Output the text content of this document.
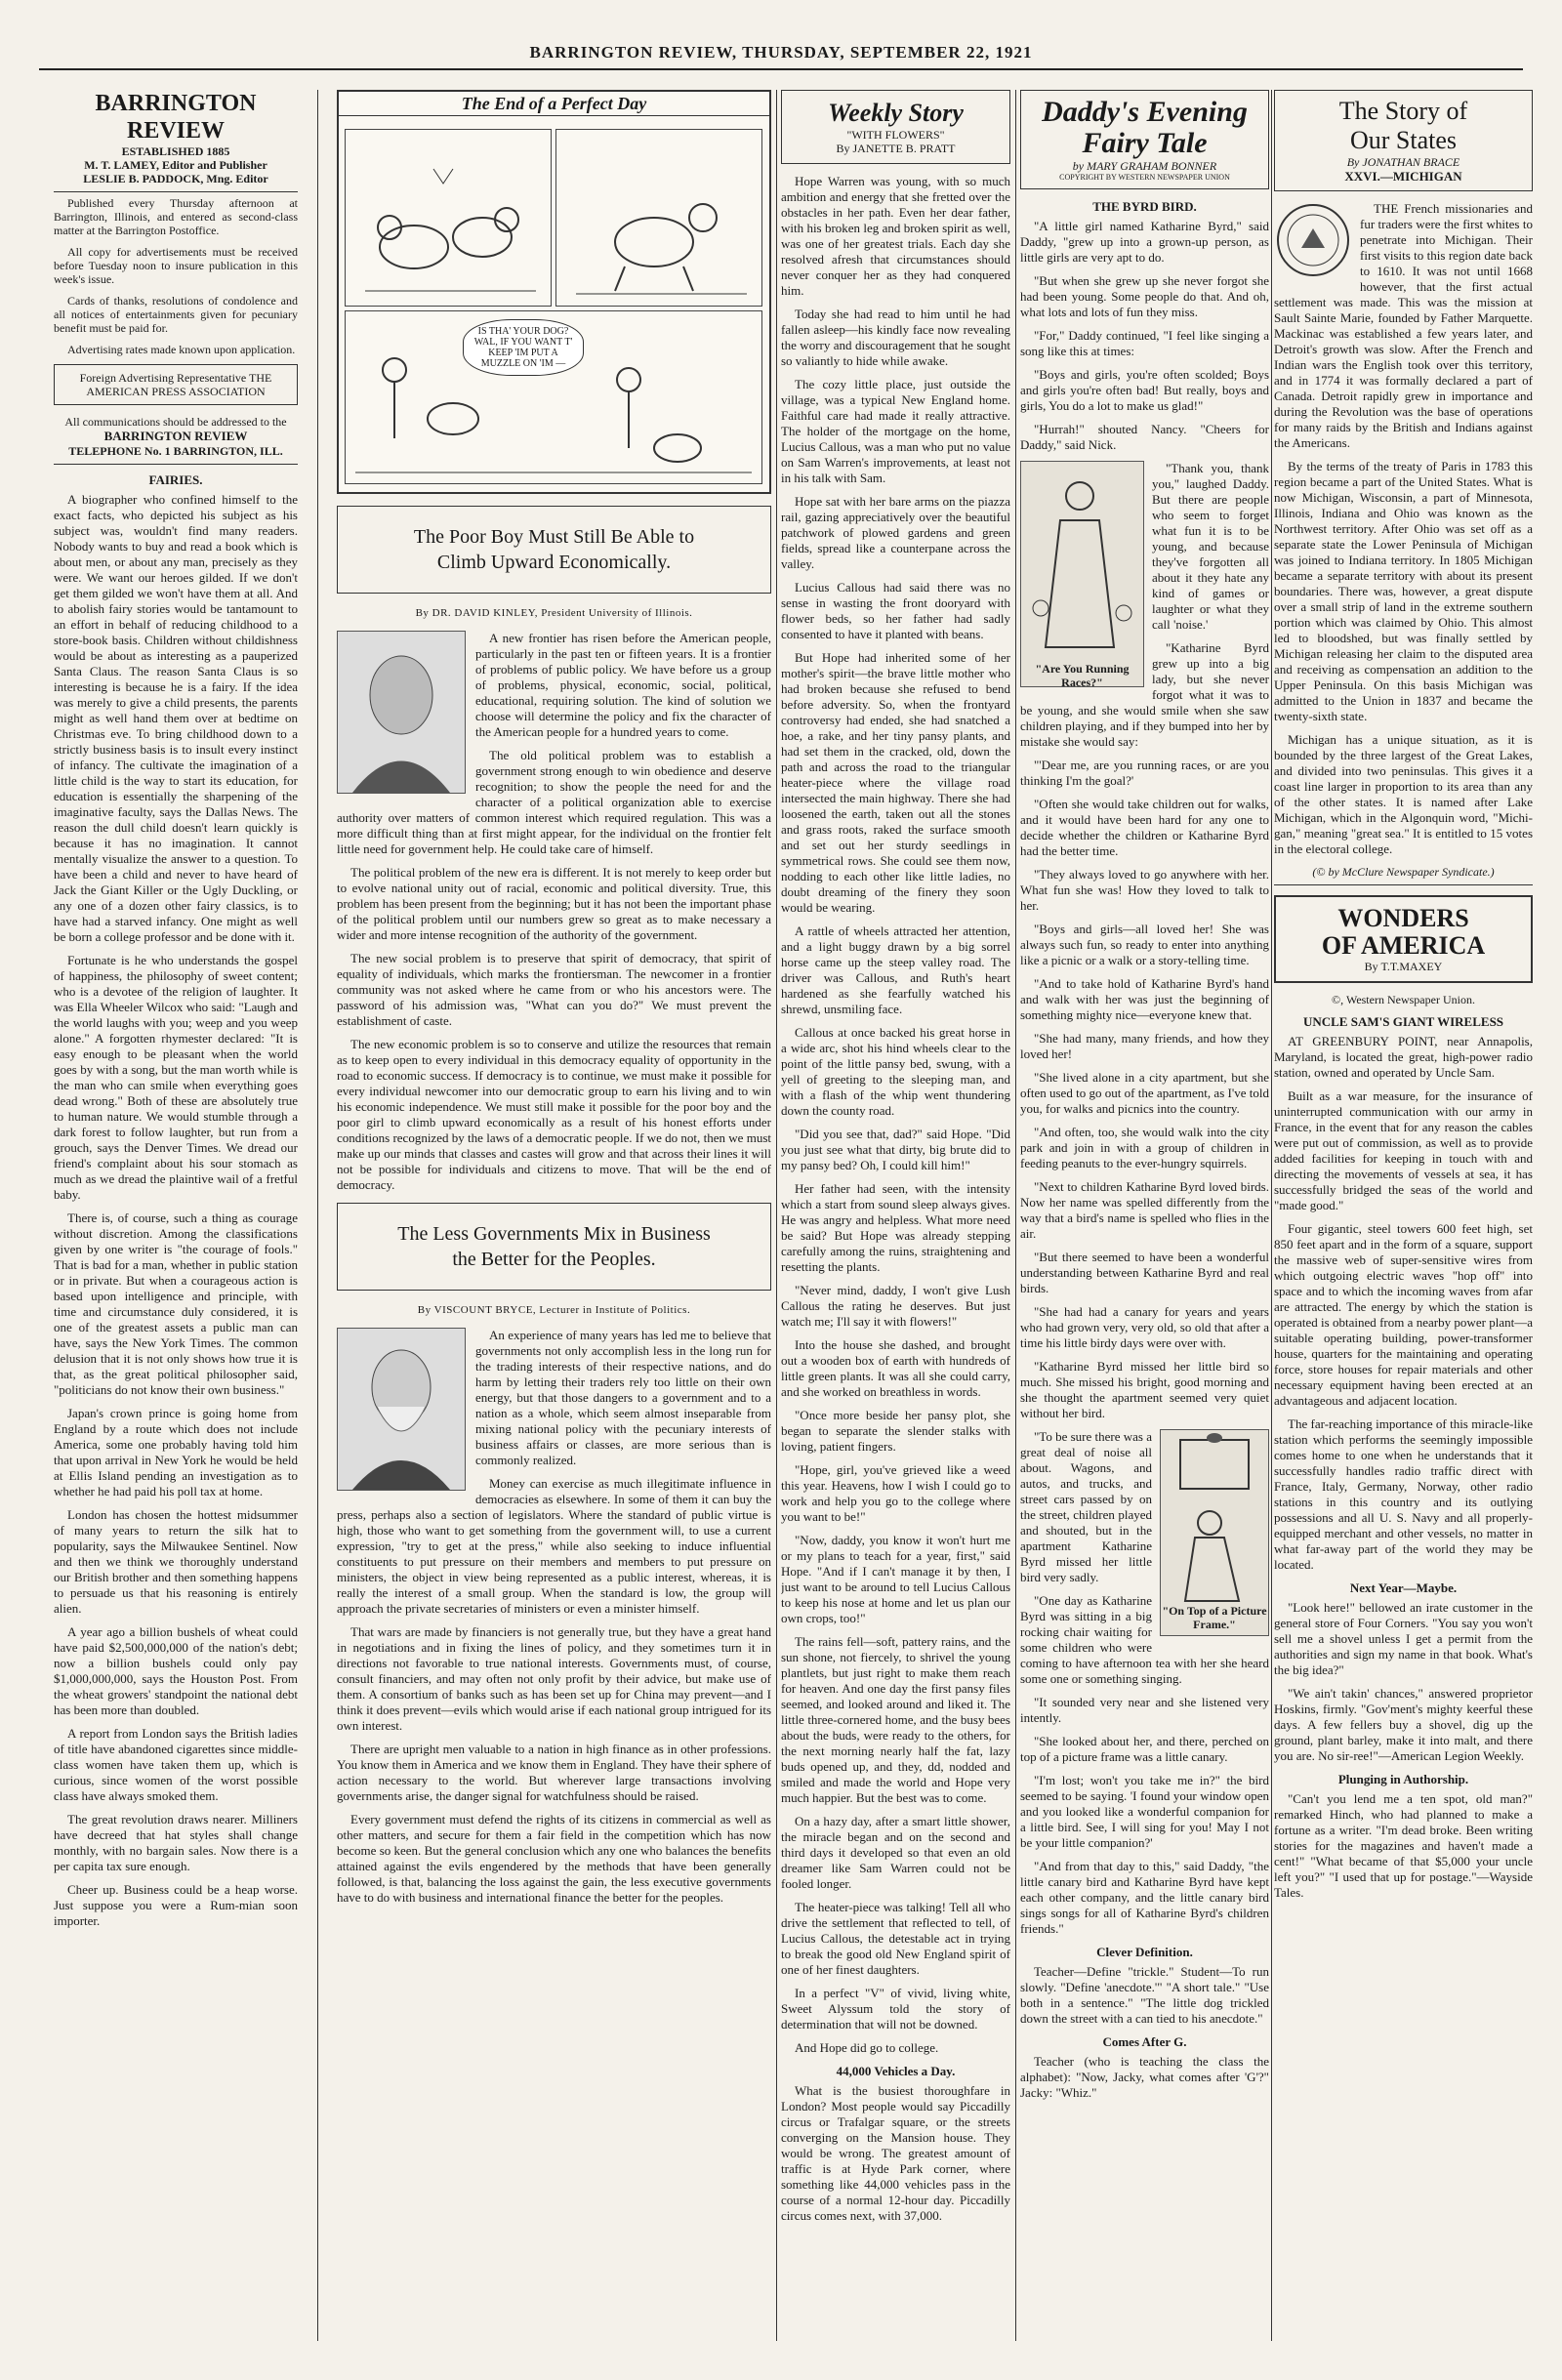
BARRINGTON REVIEW, THURSDAY, SEPTEMBER 22, 1921
BARRINGTON REVIEW
ESTABLISHED 1885
M. T. LAMEY, Editor and Publisher
LESLIE B. PADDOCK, Mng. Editor

Published every Thursday afternoon at Barrington, Illinois, and entered as second-class matter at the Barrington Postoffice.

All copy for advertisements must be received before Tuesday noon to insure publication in this week's issue.

Cards of thanks, resolutions of condolence and all notices of entertainments given for pecuniary benefit must be paid for.

Advertising rates made known upon application.

Foreign Advertising Representative THE AMERICAN PRESS ASSOCIATION
All communications should be addressed to the
BARRINGTON REVIEW
TELEPHONE No. 1 BARRINGTON, ILL.
FAIRIES.

A biographer who confined himself to the exact facts, who depicted his subject as his subject was, wouldn't find many readers. Nobody wants to buy and read a book which is about men, or about any man, precisely as they were. We want our heroes gilded. If we don't get them gilded we won't have them at all. And to abolish fairy stories would be tantamount to an effort in behalf of reducing childhood to a store-book basis. Children without childishness would be about as interesting as a pauperized Santa Claus. The reason Santa Claus is so interesting is because he is a fairy. If the idea was merely to give a child presents, the parents might as well hand them over at bedtime on Christmas eve. To bring childhood down to a strictly business basis is to insult every instinct of infancy. The cultivate the imagination of a little child is the way to start its education, for education is essentially the sharpening of the imaginative faculty, says the Dallas News. The reason the dull child doesn't learn quickly is because it has no imagination. It cannot mentally visualize the answer to a question. To have been a child and never to have heard of Jack the Giant Killer or the Ugly Duckling, or any one of a dozen other fairy classics, is to have had a starved infancy. One might as well be born a college professor and be done with it.

Fortunate is he who understands the gospel of happiness, the philosophy of sweet content; who is a devotee of the religion of laughter. It was Ella Wheeler Wilcox who said: "Laugh and the world laughs with you; weep and you weep alone." A forgotten rhymester declared: "It is easy enough to be pleasant when the world goes by with a song, but the man worth while is the man who can smile when everything goes dead wrong." Both of these are absolutely true to human nature. We would stumble through a dark forest to follow laughter, but run from a grouch, says the Denver Times. We dread our friend's complaint about his sour stomach as much as we dread the plaintive wail of a fretful baby.

There is, of course, such a thing as courage without discretion. Among the classifications given by one writer is "the courage of fools." That is bad for a man, whether in public station or in private. But when a courageous action is based upon intelligence and principle, with time and circumstance duly considered, it is one of the greatest assets a public man can have, says the New York Times. The common delusion that it is not only shows how true it is that, as the great political philosopher said, "politicians do not know their own business."

Japan's crown prince is going home from England by a route which does not include America, some one probably having told him that upon arrival in New York he would be held at Ellis Island pending an investigation as to whether he had paid his poll tax at home.

London has chosen the hottest midsummer of many years to return the silk hat to popularity, says the Milwaukee Sentinel. Now and then we think we thoroughly understand our British brother and then something happens to persuade us that his reasoning is entirely alien.

A year ago a billion bushels of wheat could have paid $2,500,000,000 of the nation's debt; now a billion bushels could only pay $1,000,000,000, says the Houston Post. From the wheat growers' standpoint the national debt has been more than doubled.

A report from London says the British ladies of title have abandoned cigarettes since middle-class women have taken them up, which is curious, since women of the worst possible class have always smoked them.

The great revolution draws nearer. Milliners have decreed that hat styles shall change monthly, with no bargain sales. Now there is a per capita tax sure enough.

Cheer up. Business could be a heap worse. Just suppose you were a Rum-mian soon importer.

The End of a Perfect Day
IS THA' YOUR DOG? WAL, IF YOU WANT T' KEEP 'IM PUT A MUZZLE ON 'IM —
The Poor Boy Must Still Be Able to
Climb Upward Economically.
By DR. DAVID KINLEY, President University of Illinois.

A new frontier has risen before the American people, particularly in the past ten or fifteen years. It is a frontier of problems of public policy. We have before us a group of problems, physical, economic, social, political, educational, requiring solution. The kind of solution we choose will determine the policy and fix the character of the American people for a hundred years to come.

The old political problem was to establish a government strong enough to win obedience and deserve recognition; to show the people the need for and the character of a political organization able to exercise authority over matters of common interest which required regulation. This was a more difficult thing than at first might appear, for the individual on the frontier felt little need for government help. He could take care of himself.

The political problem of the new era is different. It is not merely to keep order but to evolve national unity out of racial, economic and political diversity. True, this problem has been present from the beginning; but it has not been the important phase of the political problem until our numbers grew so great as to make necessary a wider and more intense recognition of the authority of the government.

The new social problem is to preserve that spirit of democracy, that spirit of equality of individuals, which marks the frontiersman. The newcomer in a frontier community was not asked where he came from or who his ancestors were. The password of his admission was, "What can you do?" We must prevent the establishment of caste.

The new economic problem is so to conserve and utilize the resources that remain as to keep open to every individual in this democracy equality of opportunity in the road to economic success. If democracy is to continue, we must make it possible for every individual newcomer into our democratic group to earn his living and to win his economic independence. We must still make it possible for the poor boy and the poor girl to climb upward economically as a result of his honest efforts under conditions recognized by the laws of a democratic people. If we do not, then we must make up our minds that classes and castes will grow and that across their lines it will not be possible for individuals and citizens to move. That will be the end of democracy.

The Less Governments Mix in Business
the Better for the Peoples.
By VISCOUNT BRYCE, Lecturer in Institute of Politics.

An experience of many years has led me to believe that governments not only accomplish less in the long run for the trading interests of their respective nations, and do harm by letting their traders rely too little on their own energy, but that those dangers to a government and to a nation as a whole, which seem almost inseparable from mixing national policy with the pecuniary interests of business affairs or classes, are more serious than is commonly realized.

Money can exercise as much illegitimate influence in democracies as elsewhere. In some of them it can buy the press, perhaps also a section of legislators. Where the standard of public virtue is high, those who want to get something from the government will, to use a current expression, "try to get at the press," while also seeking to induce influential constituents to put pressure on their members and members to put pressure on ministers, the object in view being represented as a public interest, whereas, it is really the interest of a small group. When the standard is low, the group will approach the private secretaries of ministers or even a minister himself.

That wars are made by financiers is not generally true, but they have a great hand in negotiations and in fixing the lines of policy, and they sometimes turn it in directions not favorable to true national interests. Governments must, of course, consult financiers, and may often not only profit by their advice, but make use of them. A consortium of banks such as has been set up for China may prevent—and I think it does prevent—evils which would arise if each national group intrigued for its own interest.

There are upright men valuable to a nation in high finance as in other professions. You know them in America and we know them in England. They have their sphere of action necessary to the world. But wherever large transactions involving governments arise, the danger signal for watchfulness should be raised.

Every government must defend the rights of its citizens in commercial as well as other matters, and secure for them a fair field in the competition which has now become so keen. But the general conclusion which any one who balances the benefits attained against the evils engendered by the methods that have been generally followed, is that, balancing the loss against the gain, the less executive governments have to do with business and international finance the better for the peoples.

Weekly Story
"WITH FLOWERS"
By JANETTE B. PRATT

Hope Warren was young, with so much ambition and energy that she fretted over the obstacles in her path. Even her dear father, with his broken leg and broken spirit as well, was one of her greatest trials. Each day she resolved afresh that circumstances should never conquer her as they had conquered him.

Today she had read to him until he had fallen asleep—his kindly face now revealing the worry and discouragement that he sought so valiantly to hide while awake.

The cozy little place, just outside the village, was a typical New England home. Faithful care had made it really attractive. The holder of the mortgage on the home, Lucius Callous, was a man who put no value on Sam Warren's improvements, at least not in his talk with Sam.

Hope sat with her bare arms on the piazza rail, gazing appreciatively over the beautiful patchwork of plowed gardens and green fields, spread like a counterpane across the valley.

Lucius Callous had said there was no sense in wasting the front dooryard with flower beds, so her father had sadly consented to have it planted with beans.

But Hope had inherited some of her mother's spirit—the brave little mother who had broken because she refused to bend before adversity. So, when the frontyard controversy had ended, she had snatched a hoe, a rake, and her tiny pansy plants, and had set them in the cracked, old, down the path and across the road to the triangular heater-piece where the village road intersected the main highway. There she had loosened the earth, taken out all the stones and grass roots, raked the surface smooth and set out her sturdy seedlings in symmetrical rows. She could see them now, nodding to each other like little ladies, no doubt dreaming of the finery they soon would be wearing.

A rattle of wheels attracted her attention, and a light buggy drawn by a big sorrel horse came up the steep valley road. The driver was Callous, and Ruth's heart hardened as she fearfully watched his shrewd, unsmiling face.

Callous at once backed his great horse in a wide arc, shot his hind wheels clear to the point of the little pansy bed, swung, with a yell of greeting to the sleeping man, and with a flash of the whip went thundering down the county road.

"Did you see that, dad?" said Hope. "Did you just see what that dirty, big brute did to my pansy bed? Oh, I could kill him!"

Her father had seen, with the intensity which a start from sound sleep always gives. He was angry and helpless. What more need be said? But Hope was already stepping carefully among the ruins, straightening and resetting the plants.

"Never mind, daddy, I won't give Lush Callous the rating he deserves. But just watch me; I'll say it with flowers!"

Into the house she dashed, and brought out a wooden box of earth with hundreds of little green plants. It was all she could carry, and she worked on breathless in words.

"Once more beside her pansy plot, she began to separate the slender stalks with loving, patient fingers.

"Hope, girl, you've grieved like a weed this year. Heavens, how I wish I could go to work and help you go to the college where you want to be!"

"Now, daddy, you know it won't hurt me or my plans to teach for a year, first," said Hope. "And if I can't manage it by then, I just want to be around to tell Lucius Callous to keep his nose at home and let us plan our own crops, too!"

The rains fell—soft, pattery rains, and the sun shone, not fiercely, to shrivel the young plantlets, but just right to make them reach for heaven. And one day the first pansy files seemed, and looked around and liked it. The little three-cornered home, and the busy bees about the buds, were ready to the others, for the next morning nearly half the fat, lazy buds opened up, and they, dd, nodded and smiled and made the world and Hope very much happier. But the best was to come.

On a hazy day, after a smart little shower, the miracle began and on the second and third days it developed so that even an old dreamer like Sam Warren could not be fooled longer.

The heater-piece was talking! Tell all who drive the settlement that reflected to tell, of Lucius Callous, the detestable act in trying to break the good old New England spirit of one of her finest daughters.

In a perfect "V" of vivid, living white, Sweet Alyssum told the story of determination that will not be downed.

And Hope did go to college.

44,000 Vehicles a Day.

What is the busiest thoroughfare in London? Most people would say Piccadilly circus or Trafalgar square, or the streets converging on the Mansion house. They would be wrong. The greatest amount of traffic is at Hyde Park corner, where something like 44,000 vehicles pass in the course of a normal 12-hour day. Piccadilly circus comes next, with 37,000.

Daddy's Evening Fairy Tale
by MARY GRAHAM BONNER
COPYRIGHT BY WESTERN NEWSPAPER UNION
THE BYRD BIRD.

"A little girl named Katharine Byrd," said Daddy, "grew up into a grown-up person, as little girls are very apt to do.

"But when she grew up she never forgot she had been young. Some people do that. And oh, what lots and lots of fun they miss.

"For," Daddy continued, "I feel like singing a song like this at times:

"Boys and girls, you're often scolded; Boys and girls you're often bad! But really, boys and girls, You do a lot to make us glad!"

"Hurrah!" shouted Nancy. "Cheers for Daddy," said Nick.

"Are You Running Races?"

"Thank you, thank you," laughed Daddy. But there are people who seem to forget what fun it is to be young, and because they've forgotten all about it they hate any kind of games or laughter or what they call 'noise.'

"Katharine Byrd grew up into a big lady, but she never forgot what it was to be young, and she would smile when she saw children playing, and if they bumped into her by mistake she would say:

"'Dear me, are you running races, or are you thinking I'm the goal?'

"Often she would take children out for walks, and it would have been hard for any one to decide whether the children or Katharine Byrd had the better time.

"They always loved to go anywhere with her. What fun she was! How they loved to talk to her.

"Boys and girls—all loved her! She was always such fun, so ready to enter into anything like a picnic or a walk or a story-telling time.

"And to take hold of Katharine Byrd's hand and walk with her was just the beginning of something mighty nice—everyone knew that.

"She had many, many friends, and how they loved her!

"She lived alone in a city apartment, but she often used to go out of the apartment, as I've told you, for walks and picnics into the country.

"And often, too, she would walk into the city park and join in with a group of children in feeding peanuts to the ever-hungry squirrels.

"Next to children Katharine Byrd loved birds. Now her name was spelled differently from the way that a bird's name is spelled who flies in the air.

"But there seemed to have been a wonderful understanding between Katharine Byrd and real birds.

"She had had a canary for years and years who had grown very, very old, so old that after a time his little birdy days were over with.

"Katharine Byrd missed her little bird so much. She missed his bright, good morning and she thought the apartment seemed very quiet without her bird.

"On Top of a Picture Frame."

"To be sure there was a great deal of noise all about. Wagons, and autos, and trucks, and street cars passed by on the street, children played and shouted, but in the apartment Katharine Byrd missed her little bird very sadly.

"One day as Katharine Byrd was sitting in a big rocking chair waiting for some children who were coming to have afternoon tea with her she heard some one or something singing.

"It sounded very near and she listened very intently.

"She looked about her, and there, perched on top of a picture frame was a little canary.

"I'm lost; won't you take me in?" the bird seemed to be saying. 'I found your window open and you looked like a wonderful companion for a little bird. See, I will sing for you! May I not be your little companion?'

"And from that day to this," said Daddy, "the little canary bird and Katharine Byrd have kept each other company, and the little canary bird sings songs for all of Katharine Byrd's children friends."

Clever Definition.

Teacher—Define "trickle." Student—To run slowly. "Define 'anecdote.'" "A short tale." "Use both in a sentence." "The little dog trickled down the street with a can tied to his anecdote."

Comes After G.

Teacher (who is teaching the class the alphabet): "Now, Jacky, what comes after 'G'?" Jacky: "Whiz."

The Story of
Our States
By JONATHAN BRACE
XXVI.—MICHIGAN

THE French missionaries and fur traders were the first whites to penetrate into Michigan. Their first visits to this region date back to 1610. It was not until 1668 however, that the first actual settlement was made. This was the mission at Sault Sainte Marie, founded by Father Marquette. Mackinac was established a few years later, and Detroit's growth was slow. After the French and Indian wars the English took over this territory, and in 1774 it was formally declared a part of Canada. Detroit rapidly grew in importance and during the Revolution was the base of operations for many raids by the British and Indians against the Americans.

By the terms of the treaty of Paris in 1783 this region became a part of the United States. What is now Michigan, Wisconsin, a part of Minnesota, Illinois, Indiana and Ohio was known as the Northwest territory. After Ohio was set off as a separate state the Lower Peninsula of Michigan was joined to Indiana territory. In 1805 Michigan became a separate territory with about its present boundaries. There was, however, a great dispute over a small strip of land in the extreme southern portion which was claimed by Ohio. This almost led to bloodshed, but was finally settled by Michigan releasing her claim to the disputed area and receiving as compensation an addition to the Upper Peninsula. On this basis Michigan was admitted to the Union in 1837 and became the twenty-sixth state.

Michigan has a unique situation, as it is bounded by the three largest of the Great Lakes, and divided into two peninsulas. This gives it a coast line larger in proportion to its area than any of the other states. It is named after Lake Michigan, which in the Algonquin word, "Michi-gan," meaning "great sea." It is entitled to 15 votes in the electoral college.

(© by McClure Newspaper Syndicate.)
WONDERS
OF AMERICA
By T.T.MAXEY
©, Western Newspaper Union.
UNCLE SAM'S GIANT WIRELESS

AT GREENBURY POINT, near Annapolis, Maryland, is located the great, high-power radio station, owned and operated by Uncle Sam.

Built as a war measure, for the insurance of uninterrupted communication with our army in France, in the event that for any reason the cables were put out of commission, as well as to provide added facilities for keeping in touch with and directing the movements of vessels at sea, it has successfully bridged the seas of the world and "made good."

Four gigantic, steel towers 600 feet high, set 850 feet apart and in the form of a square, support the massive web of super-sensitive wires from which outgoing electric waves "hop off" into space and to which the incoming waves from afar are attracted. The energy by which the station is operated is obtained from a nearby power plant—a suitable operating building, power-transformer house, quarters for the maintaining and operating force, store houses for repair materials and other necessary equipment having been erected at an advantageous and adjacent location.

The far-reaching importance of this miracle-like station which performs the seemingly impossible comes home to one when he understands that it successfully handles radio traffic direct with France, Italy, Germany, Norway, other radio stations in this country and its outlying possessions and all U. S. Navy and all properly-equipped merchant and other vessels, no matter in what far-away part of the world they may be located.

Next Year—Maybe.

"Look here!" bellowed an irate customer in the general store of Four Corners. "You say you won't sell me a shovel unless I get a permit from the authorities and sign my name in that book. What's the big idea?"

"We ain't takin' chances," answered proprietor Hoskins, firmly. "Gov'ment's mighty keerful these days. A few fellers buy a shovel, dig up the ground, plant barley, make it into malt, and there you are. No sir-ree!"—American Legion Weekly.

Plunging in Authorship.

"Can't you lend me a ten spot, old man?" remarked Hinch, who had planned to make a fortune as a writer. "I'm dead broke. Been writing stories for the magazines and haven't made a cent!" "What became of that $5,000 your uncle left you?" "I used that up for postage."—Wayside Tales.
